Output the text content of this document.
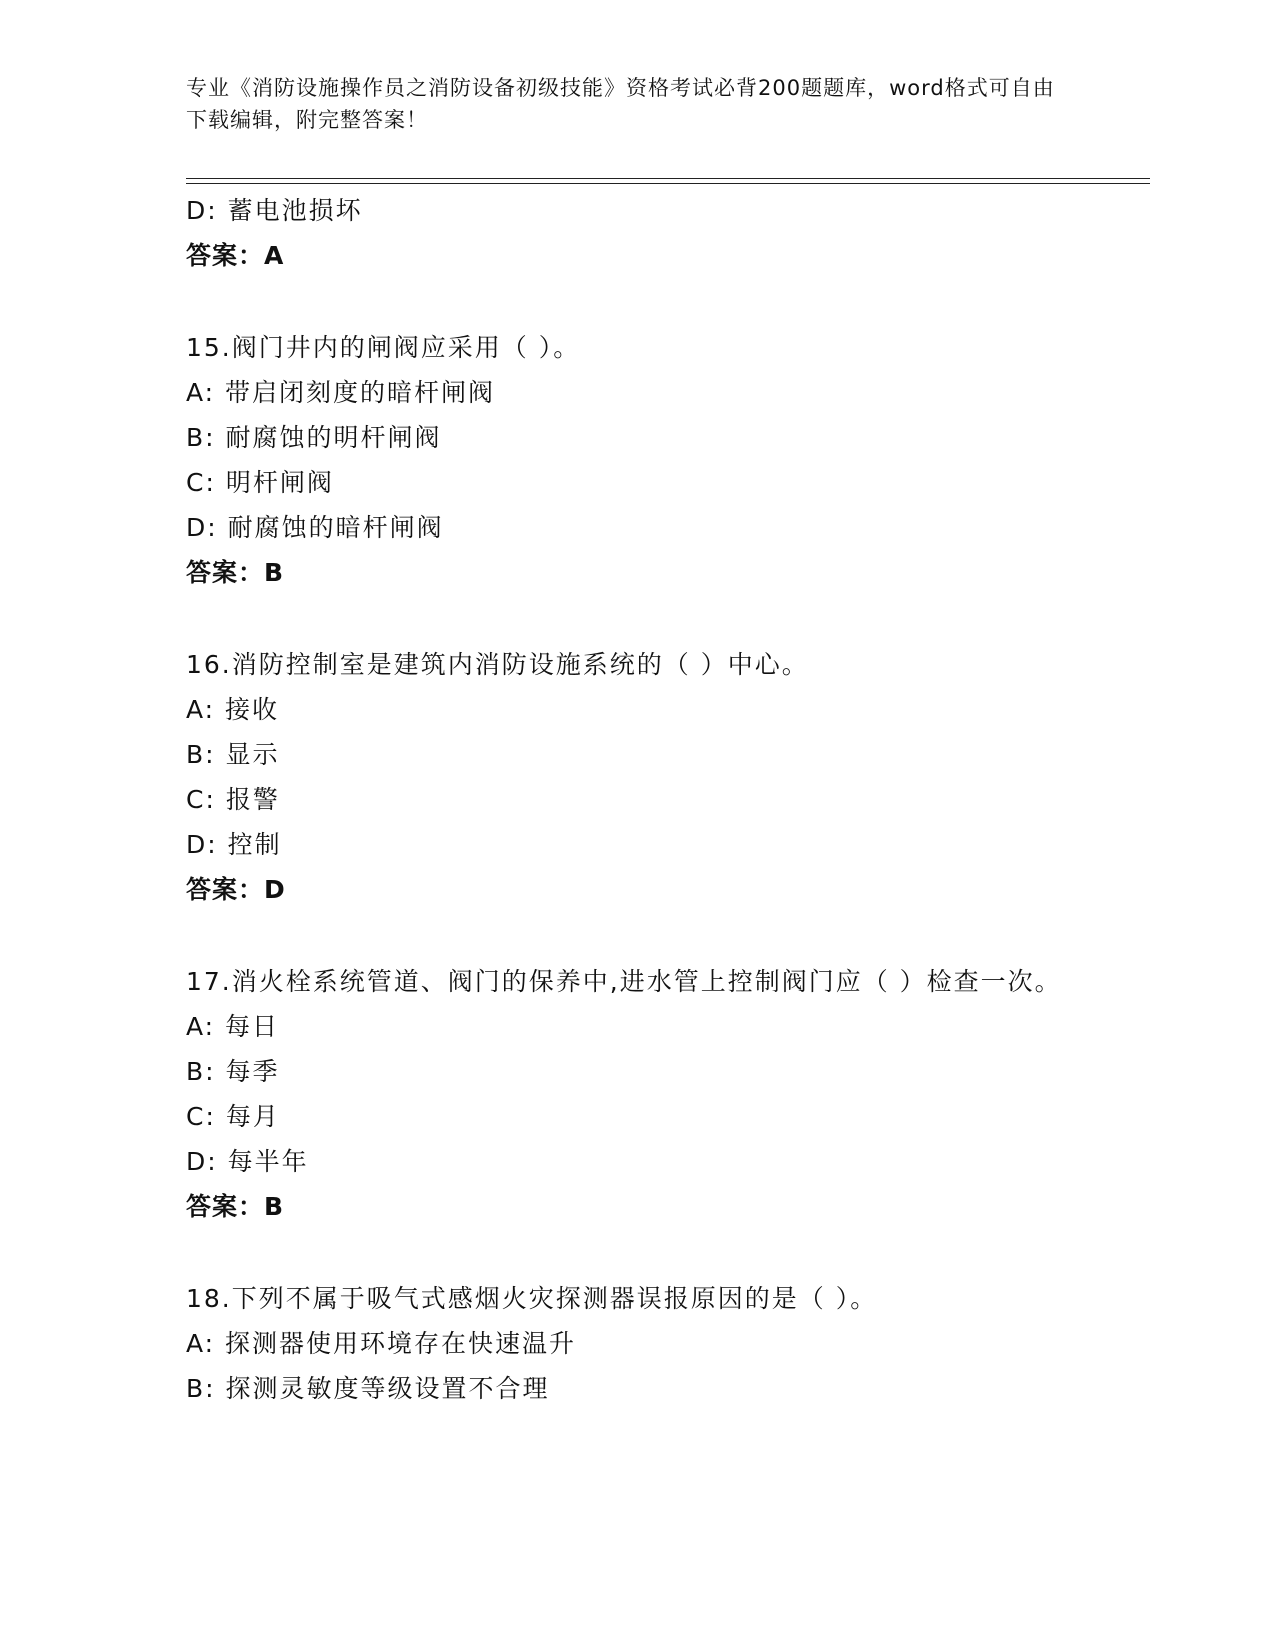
专业《消防设施操作员之消防设备初级技能》资格考试必背200题题库，word格式可自由下载编辑，附完整答案！
D: 蓄电池损坏
答案：A
15.阀门井内的闸阀应采用（ ）。
A: 带启闭刻度的暗杆闸阀
B: 耐腐蚀的明杆闸阀
C: 明杆闸阀
D: 耐腐蚀的暗杆闸阀
答案：B
16.消防控制室是建筑内消防设施系统的（ ）中心。
A: 接收
B: 显示
C: 报警
D: 控制
答案：D
17.消火栓系统管道、阀门的保养中,进水管上控制阀门应（ ）检查一次。
A: 每日
B: 每季
C: 每月
D: 每半年
答案：B
18.下列不属于吸气式感烟火灾探测器误报原因的是（ ）。
A: 探测器使用环境存在快速温升
B: 探测灵敏度等级设置不合理
